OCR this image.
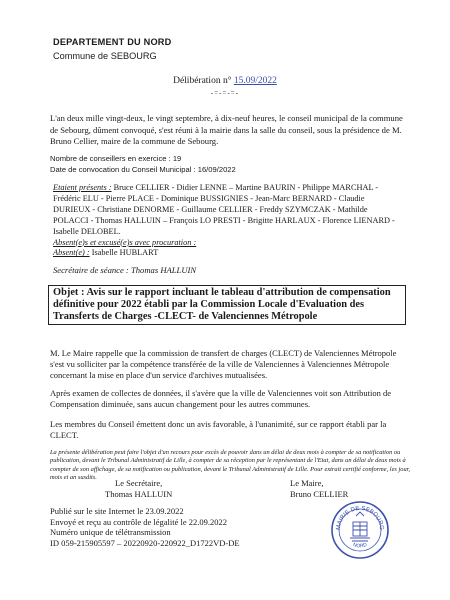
DEPARTEMENT DU NORD
Commune de SEBOURG
Délibération n° 15.09/2022
-=-=-=-
L'an deux mille vingt-deux, le vingt septembre, à dix-neuf heures, le conseil municipal de la commune de Sebourg, dûment convoqué, s'est réuni à la mairie dans la salle du conseil, sous la présidence de M. Bruno Cellier, maire de la commune de Sebourg.
Nombre de conseillers en exercice : 19
Date de convocation du Conseil Municipal : 16/09/2022
Etaient présents : Bruce CELLIER - Didier LENNE – Martine BAURIN - Philippe MARCHAL - Frédéric ELU - Pierre PLACE - Dominique BUSSIGNIES - Jean-Marc BERNARD - Claudie DURIEUX - Christiane DENORME - Guillaume CELLIER - Freddy SZYMCZAK - Mathilde POLACCI - Thomas HALLUIN – François LO PRESTI - Brigitte HARLAUX - Florence LIENARD - Isabelle DELOBEL.
Absent(e)s et excusé(e)s avec procuration :
Absent(e) : Isabelle HUBLART
Secrétaire de séance : Thomas HALLUIN
Objet : Avis sur le rapport incluant le tableau d'attribution de compensation définitive pour 2022 établi par la Commission Locale d'Evaluation des Transferts de Charges -CLECT- de Valenciennes Métropole
M. Le Maire rappelle que la commission de transfert de charges (CLECT) de Valenciennes Métropole s'est vu solliciter par la compétence transférée de la ville de Valenciennes à Valenciennes Métropole concernant la mise en place d'un service d'archives mutualisées.
Après examen de collectes de données, il s'avère que la ville de Valenciennes voit son Attribution de Compensation diminuée, sans aucun changement pour les autres communes.
Les membres du Conseil émettent donc un avis favorable, à l'unanimité, sur ce rapport établi par la CLECT.
La présente délibération peut faire l'objet d'un recours pour excès de pouvoir dans un délai de deux mois à compter de sa notification ou publication, devant le Tribunal Administratif de Lille, à compter de sa réception par le représentant de l'Etat, dans un délai de deux mois à compter de son affichage, de sa notification ou publication, devant le Tribunal Administratif de Lille. Pour extrait certifié conforme, les jour, mois et an susdits.
Le Secrétaire,
Thomas HALLUIN
Le Maire,
Bruno CELLIER
Publié sur le site Internet le 23.09.2022
Envoyé et reçu au contrôle de légalité le 22.09.2022
Numéro unique de télétransmission
ID 059-215905597 – 20220920-220922_D1722VD-DE
MAIRIE DE SEBOURG
NORD
